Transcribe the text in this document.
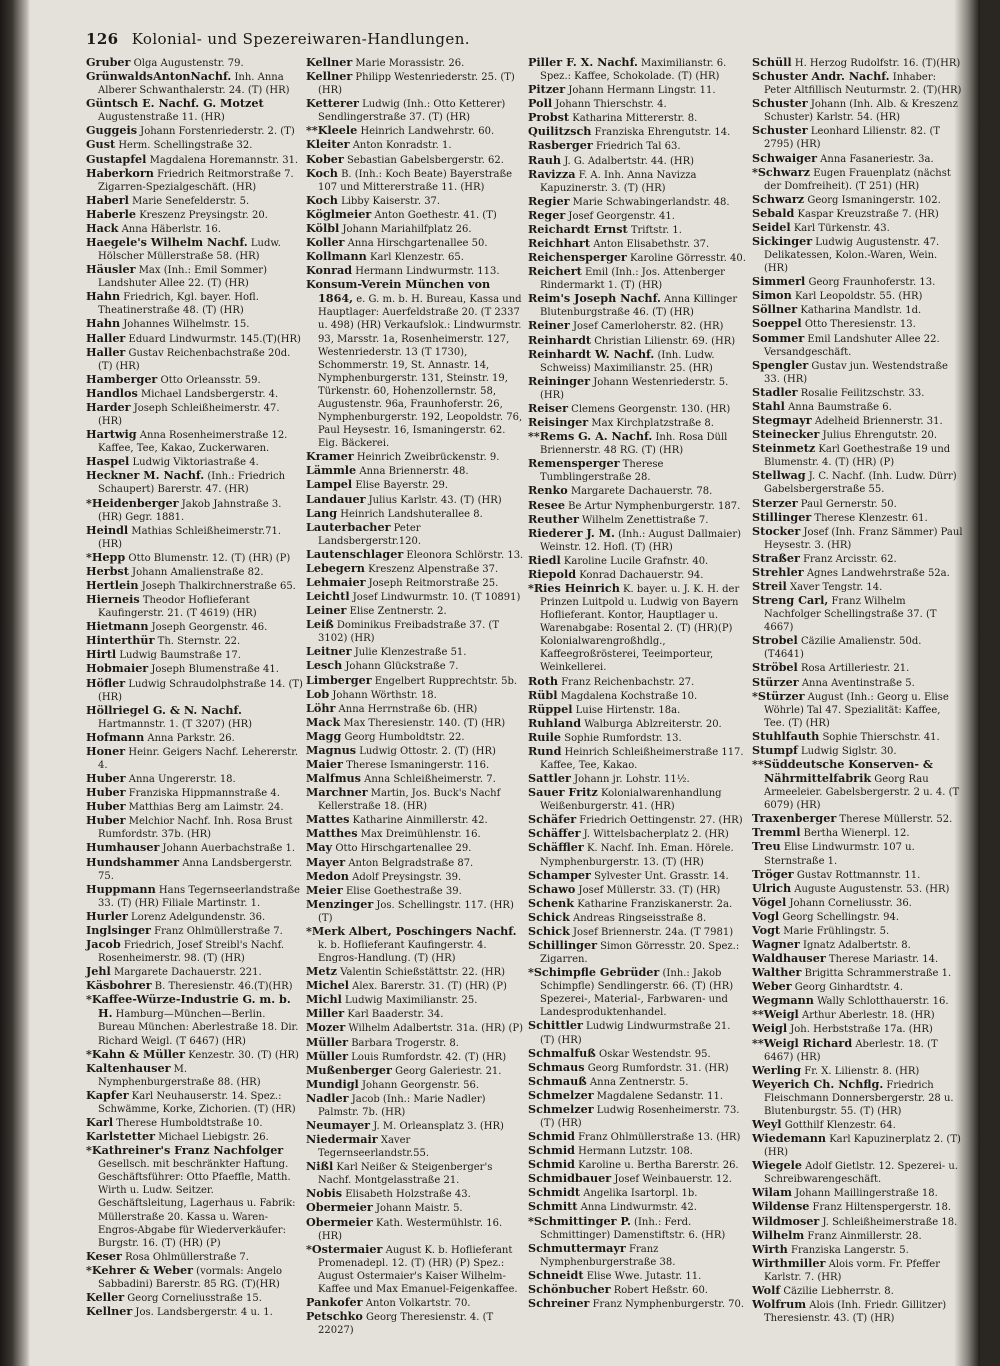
126 Kolonial- und Spezereiwaren-Handlungen.
Gruber Olga Augustenstr. 79.
GrünwaldsAntonNachf. Inh. Anna Alberer Schwanthalerstr. 24. (T) (HR)
Güntsch E. Nachf. G. Motzet Augustenstraße 11. (HR)
Guggeis Johann Forstenriederstr. 2. (T)
Gust Herm. Schellingstraße 32.
Gustapfel Magdalena Horemannstr. 31.
Haberkorn Friedrich Reitmorstraße 7. Zigarren-Spezialgeschäft. (HR)
Haberl Marie Senefelderstr. 5.
Haberle Kreszenz Preysingstr. 20.
Hack Anna Häberlstr. 16.
Haegele's Wilhelm Nachf. Ludw. Hölscher Müllerstraße 58. (HR)
Häusler Max (Inh.: Emil Sommer) Landshuter Allee 22. (T) (HR)
Hahn Friedrich, Kgl. bayer. Hofl. Theatinerstraße 48. (T) (HR)
Hahn Johannes Wilhelmstr. 15.
Haller Eduard Lindwurmstr. 145.(T)(HR)
Haller Gustav Reichenbachstraße 20d. (T) (HR)
Hamberger Otto Orleansstr. 59.
Handlos Michael Landsbergerstr. 4.
Harder Joseph Schleißheimerstr. 47. (HR)
Hartwig Anna Rosenheimerstraße 12. Kaffee, Tee, Kakao, Zuckerwaren.
Haspel Ludwig Viktoriastraße 4.
Heckner M. Nachf. (Inh.: Friedrich Schaupert) Barerstr. 47. (HR)
*Heidenberger Jakob Jahnstraße 3. (HR) Gegr. 1881.
Heindl Mathias Schleißheimerstr.71. (HR)
*Hepp Otto Blumenstr. 12. (T) (HR) (P)
Herbst Johann Amalienstraße 82.
Hertlein Joseph Thalkirchnerstraße 65.
Hierneis Theodor Hoflieferant Kaufingerstr. 21. (T 4619) (HR)
Hietmann Joseph Georgenstr. 46.
Hinterthür Th. Sternstr. 22.
Hirtl Ludwig Baumstraße 17.
Hobmaier Joseph Blumenstraße 41.
Höfler Ludwig Schraudolphstraße 14. (T) (HR)
Höllriegel G. & N. Nachf. Hartmannstr. 1. (T 3207) (HR)
Hofmann Anna Parkstr. 26.
Honer Heinr. Geigers Nachf. Lehererstr. 4.
Huber Anna Ungererstr. 18.
Huber Franziska Hippmannstraße 4.
Huber Matthias Berg am Laimstr. 24.
Huber Melchior Nachf. Inh. Rosa Brust Rumfordstr. 37b. (HR)
Humhauser Johann Auerbachstraße 1.
Hundshammer Anna Landsbergerstr. 75.
Huppmann Hans Tegernseerlandstraße 33. (T) (HR) Filiale Martinstr. 1.
Hurler Lorenz Adelgundenstr. 36.
Inglsinger Franz Ohlmüllerstraße 7.
Jacob Friedrich, Josef Streibl's Nachf. Rosenheimerstr. 98. (T) (HR)
Jehl Margarete Dachauerstr. 221.
Käsbohrer B. Theresienstr. 46.(T)(HR)
*Kaffee-Würze-Industrie G. m. b. H. Hamburg—München—Berlin. Bureau München: Aberlestraße 18. Dir. Richard Weigl. (T 6467) (HR)
*Kahn & Müller Kenzestr. 30. (T) (HR)
Kaltenhauser M. Nymphenburgerstraße 88. (HR)
Kapfer Karl Neuhauserstr. 14. Spez.: Schwämme, Korke, Zichorien. (T) (HR)
Karl Therese Humboldtstraße 10.
Karlstetter Michael Liebigstr. 26.
*Kathreiner's Franz Nachfolger Gesellsch. mit beschränkter Haftung. Geschäftsführer: Otto Pfaeffle, Matth. Wirth u. Ludw. Seitzer. Geschäftsleitung, Lagerhaus u. Fabrik: Müllerstraße 20. Kassa u. Waren-Engros-Abgabe für Wiederverkäufer: Burgstr. 16. (T) (HR) (P)
Keser Rosa Ohlmüllerstraße 7.
*Kehrer & Weber (vormals: Angelo Sabbadini) Barerstr. 85 RG. (T)(HR)
Keller Georg Corneliusstraße 15.
Kellner Jos. Landsbergerstr. 4 u. 1.
Kellner Marie Morassistr. 26.
Kellner Philipp Westenriederstr. 25. (T) (HR)
Ketterer Ludwig (Inh.: Otto Ketterer) Sendlingerstraße 37. (T) (HR)
**Kleele Heinrich Landwehrstr. 60.
Kleiter Anton Konradstr. 1.
Kober Sebastian Gabelsbergerstr. 62.
Koch B. (Inh.: Koch Beate) Bayerstraße 107 und Mittererstraße 11. (HR)
Koch Libby Kaiserstr. 37.
Köglmeier Anton Goethestr. 41. (T)
Kölbl Johann Mariahilfplatz 26.
Koller Anna Hirschgartenallee 50.
Kollmann Karl Klenzestr. 65.
Konrad Hermann Lindwurmstr. 113.
Konsum-Verein München von 1864, e. G. m. b. H. Bureau, Kassa und Hauptlager: Auerfeldstraße 20. (T 2337 u. 498) (HR) Verkaufslok.: Lindwurmstr. 93, Marsstr. 1a, Rosenheimerstr. 127, Westenriederstr. 13 (T 1730), Schommerstr. 19, St. Annastr. 14, Nymphenburgerstr. 131, Steinstr. 19, Türkenstr. 60, Hohenzollernstr. 58, Augustenstr. 96a, Fraunhoferstr. 26, Nymphenburgerstr. 192, Leopoldstr. 76, Paul Heysestr. 16, Ismaningerstr. 62. Eig. Bäckerei.
Kramer Heinrich Zweibrückenstr. 9.
Lämmle Anna Briennerstr. 48.
Lampel Elise Bayerstr. 29.
Landauer Julius Karlstr. 43. (T) (HR)
Lang Heinrich Landshuterallee 8.
Lauterbacher Peter Landsbergerstr.120.
Lautenschlager Eleonora Schlörstr. 13.
Lebegern Kreszenz Alpenstraße 37.
Lehmaier Joseph Reitmorstraße 25.
Leichtl Josef Lindwurmstr. 10. (T 10891)
Leiner Elise Zentnerstr. 2.
Leiß Dominikus Freibadstraße 37. (T 3102) (HR)
Leitner Julie Klenzestraße 51.
Lesch Johann Glückstraße 7.
Limberger Engelbert Rupprechtstr. 5b.
Lob Johann Wörthstr. 18.
Löhr Anna Herrnstraße 6b. (HR)
Mack Max Theresienstr. 140. (T) (HR)
Magg Georg Humboldtstr. 22.
Magnus Ludwig Ottostr. 2. (T) (HR)
Maier Therese Ismaningerstr. 116.
Malfmus Anna Schleißheimerstr. 7.
Marchner Martin, Jos. Buck's Nachf Kellerstraße 18. (HR)
Mattes Katharine Ainmillerstr. 42.
Matthes Max Dreimühlenstr. 16.
May Otto Hirschgartenallee 29.
Mayer Anton Belgradstraße 87.
Medon Adolf Preysingstr. 39.
Meier Elise Goethestraße 39.
Menzinger Jos. Schellingstr. 117. (HR) (T)
*Merk Albert, Poschingers Nachf. k. b. Hoflieferant Kaufingerstr. 4. Engros-Handlung. (T) (HR)
Metz Valentin Schießstättstr. 22. (HR)
Michel Alex. Barerstr. 31. (T) (HR) (P)
Michl Ludwig Maximilianstr. 25.
Miller Karl Baaderstr. 34.
Mozer Wilhelm Adalbertstr. 31a. (HR) (P)
Müller Barbara Trogerstr. 8.
Müller Louis Rumfordstr. 42. (T) (HR)
Mußenberger Georg Galeriestr. 21.
Mundigl Johann Georgenstr. 56.
Nadler Jacob (Inh.: Marie Nadler) Palmstr. 7b. (HR)
Neumayer J. M. Orleansplatz 3. (HR)
Niedermair Xaver Tegernseerlandstr.55.
Nißl Karl Neißer & Steigenberger's Nachf. Montgelasstraße 21.
Nobis Elisabeth Holzstraße 43.
Obermeier Johann Maistr. 5.
Obermeier Kath. Westermühlstr. 16. (HR)
*Ostermaier August K. b. Hoflieferant Promenadepl. 12. (T) (HR) (P) Spez.: August Ostermaier's Kaiser Wilhelm-Kaffee und Max Emanuel-Feigenkaffee.
Pankofer Anton Volkartstr. 70.
Petschko Georg Theresienstr. 4. (T 22027)
Piller F. X. Nachf. Maximilianstr. 6. Spez.: Kaffee, Schokolade. (T) (HR)
Pitzer Johann Hermann Lingstr. 11.
Poll Johann Thierschstr. 4.
Probst Katharina Mittererstr. 8.
Quilitzsch Franziska Ehrengutstr. 14.
Rasberger Friedrich Tal 63.
Rauh J. G. Adalbertstr. 44. (HR)
Ravizza F. A. Inh. Anna Navizza Kapuzinerstr. 3. (T) (HR)
Regier Marie Schwabingerlandstr. 48.
Reger Josef Georgenstr. 41.
Reichardt Ernst Triftstr. 1.
Reichhart Anton Elisabethstr. 37.
Reichensperger Karoline Görresstr. 40.
Reichert Emil (Inh.: Jos. Attenberger Rindermarkt 1. (T) (HR)
Reim's Joseph Nachf. Anna Killinger Blutenburgstraße 46. (T) (HR)
Reiner Josef Camerloherstr. 82. (HR)
Reinhardt Christian Lilienstr. 69. (HR)
Reinhardt W. Nachf. (Inh. Ludw. Schweiss) Maximilianstr. 25. (HR)
Reininger Johann Westenriederstr. 5. (HR)
Reiser Clemens Georgenstr. 130. (HR)
Reisinger Max Kirchplatzstraße 8.
**Rems G. A. Nachf. Inh. Rosa Düll Briennerstr. 48 RG. (T) (HR)
Remensperger Therese Tumblingerstraße 28.
Renko Margarete Dachauerstr. 78.
Resee Be Artur Nymphenburgerstr. 187.
Reuther Wilhelm Zenettistraße 7.
Riederer J. M. (Inh.: August Dallmaier) Weinstr. 12. Hofl. (T) (HR)
Riedl Karoline Lucile Grafnstr. 40.
Riepold Konrad Dachauerstr. 94.
*Ries Heinrich K. bayer. u. J. K. H. der Prinzen Luitpold u. Ludwig von Bayern Hoflieferant. Kontor, Hauptlager u. Warenabgabe: Rosental 2. (T) (HR)(P) Kolonialwarengroßhdlg., Kaffeegroßrösterei, Teeimporteur, Weinkellerei.
Roth Franz Reichenbachstr. 27.
Rübl Magdalena Kochstraße 10.
Rüppel Luise Hirtenstr. 18a.
Ruhland Walburga Ablzreiterstr. 20.
Ruile Sophie Rumfordstr. 13.
Rund Heinrich Schleißheimerstraße 117. Kaffee, Tee, Kakao.
Sattler Johann jr. Lohstr. 11½.
Sauer Fritz Kolonialwarenhandlung Weißenburgerstr. 41. (HR)
Schäfer Friedrich Oettingenstr. 27. (HR)
Schäffer J. Wittelsbacherplatz 2. (HR)
Schäffler K. Nachf. Inh. Eman. Hörele. Nymphenburgerstr. 13. (T) (HR)
Schamper Sylvester Unt. Grasstr. 14.
Schawo Josef Müllerstr. 33. (T) (HR)
Schenk Katharine Franziskanerstr. 2a.
Schick Andreas Ringseisstraße 8.
Schick Josef Briennerstr. 24a. (T 7981)
Schillinger Simon Görresstr. 20. Spez.: Zigarren.
*Schimpfle Gebrüder (Inh.: Jakob Schimpfle) Sendlingerstr. 66. (T) (HR) Spezerei-, Material-, Farbwaren- und Landesproduktenhandel.
Schittler Ludwig Lindwurmstraße 21. (T) (HR)
Schmalfuß Oskar Westendstr. 95.
Schmaus Georg Rumfordstr. 31. (HR)
Schmauß Anna Zentnerstr. 5.
Schmelzer Magdalene Sedanstr. 11.
Schmelzer Ludwig Rosenheimerstr. 73. (T) (HR)
Schmid Franz Ohlmüllerstraße 13. (HR)
Schmid Hermann Lutzstr. 108.
Schmid Karoline u. Bertha Barerstr. 26.
Schmidbauer Josef Weinbauerstr. 12.
Schmidt Angelika Isartorpl. 1b.
Schmitt Anna Lindwurmstr. 42.
*Schmittinger P. (Inh.: Ferd. Schmittinger) Damenstiftstr. 6. (HR)
Schmuttermayr Franz Nymphenburgerstraße 38.
Schneidt Elise Wwe. Jutastr. 11.
Schönbucher Robert Heßstr. 60.
Schreiner Franz Nymphenburgerstr. 70.
Schüll H. Herzog Rudolfstr. 16. (T)(HR)
Schuster Andr. Nachf. Inhaber: Peter Altfillisch Neuturmstr. 2. (T)(HR)
Schuster Johann (Inh. Alb. & Kreszenz Schuster) Karlstr. 54. (HR)
Schuster Leonhard Lilienstr. 82. (T 2795) (HR)
Schwaiger Anna Fasaneriestr. 3a.
*Schwarz Eugen Frauenplatz (nächst der Domfreiheit). (T 251) (HR)
Schwarz Georg Ismaningerstr. 102.
Sebald Kaspar Kreuzstraße 7. (HR)
Seidel Karl Türkenstr. 43.
Sickinger Ludwig Augustenstr. 47. Delikatessen, Kolon.-Waren, Wein. (HR)
Simmerl Georg Fraunhoferstr. 13.
Simon Karl Leopoldstr. 55. (HR)
Söllner Katharina Mandlstr. 1d.
Soeppel Otto Theresienstr. 13.
Sommer Emil Landshuter Allee 22. Versandgeschäft.
Spengler Gustav jun. Westendstraße 33. (HR)
Stadler Rosalie Feilitzschstr. 33.
Stahl Anna Baumstraße 6.
Stegmayr Adelheid Briennerstr. 31.
Steinecker Julius Ehrengutstr. 20.
Steinmetz Karl Goethestraße 19 und Blumenstr. 4. (T) (HR) (P)
Stellwag J. C. Nachf. (Inh. Ludw. Dürr) Gabelsbergerstraße 55.
Sterzer Paul Gernerstr. 50.
Stillinger Therese Klenzestr. 61.
Stocker Josef (Inh. Franz Sämmer) Paul Heysestr. 3. (HR)
Straßer Franz Arcisstr. 62.
Strehler Agnes Landwehrstraße 52a.
Streil Xaver Tengstr. 14.
Streng Carl, Franz Wilhelm Nachfolger Schellingstraße 37. (T 4667)
Strobel Cäzilie Amalienstr. 50d. (T4641)
Ströbel Rosa Artilleriestr. 21.
Stürzer Anna Aventinstraße 5.
*Stürzer August (Inh.: Georg u. Elise Wöhrle) Tal 47. Spezialität: Kaffee, Tee. (T) (HR)
Stuhlfauth Sophie Thierschstr. 41.
Stumpf Ludwig Siglstr. 30.
**Süddeutsche Konserven- & Nährmittelfabrik Georg Rau Armeeleier. Gabelsbergerstr. 2 u. 4. (T 6079) (HR)
Traxenberger Therese Müllerstr. 52.
Tremml Bertha Wienerpl. 12.
Treu Elise Lindwurmstr. 107 u. Sternstraße 1.
Tröger Gustav Rottmannstr. 11.
Ulrich Auguste Augustenstr. 53. (HR)
Vögel Johann Corneliusstr. 36.
Vogl Georg Schellingstr. 94.
Vogt Marie Frühlingstr. 5.
Wagner Ignatz Adalbertstr. 8.
Waldhauser Therese Mariastr. 14.
Walther Brigitta Schrammerstraße 1.
Weber Georg Ginhardtstr. 4.
Wegmann Wally Schlotthauerstr. 16.
**Weigl Arthur Aberlestr. 18. (HR)
Weigl Joh. Herbststraße 17a. (HR)
**Weigl Richard Aberlestr. 18. (T 6467) (HR)
Werling Fr. X. Lilienstr. 8. (HR)
Weyerich Ch. Nchflg. Friedrich Fleischmann Donnersbergerstr. 28 u. Blutenburgstr. 55. (T) (HR)
Weyl Gotthilf Klenzestr. 64.
Wiedemann Karl Kapuzinerplatz 2. (T) (HR)
Wiegele Adolf Gietlstr. 12. Spezerei- u. Schreibwarengeschäft.
Wilam Johann Maillingerstraße 18.
Wildense Franz Hiltenspergerstr. 18.
Wildmoser J. Schleißheimerstraße 18.
Wilhelm Franz Ainmillerstr. 28.
Wirth Franziska Langerstr. 5.
Wirthmiller Alois vorm. Fr. Pfeffer Karlstr. 7. (HR)
Wolf Cäzilie Liebherrstr. 8.
Wolfrum Alois (Inh. Friedr. Gillitzer) Theresienstr. 43. (T) (HR)
